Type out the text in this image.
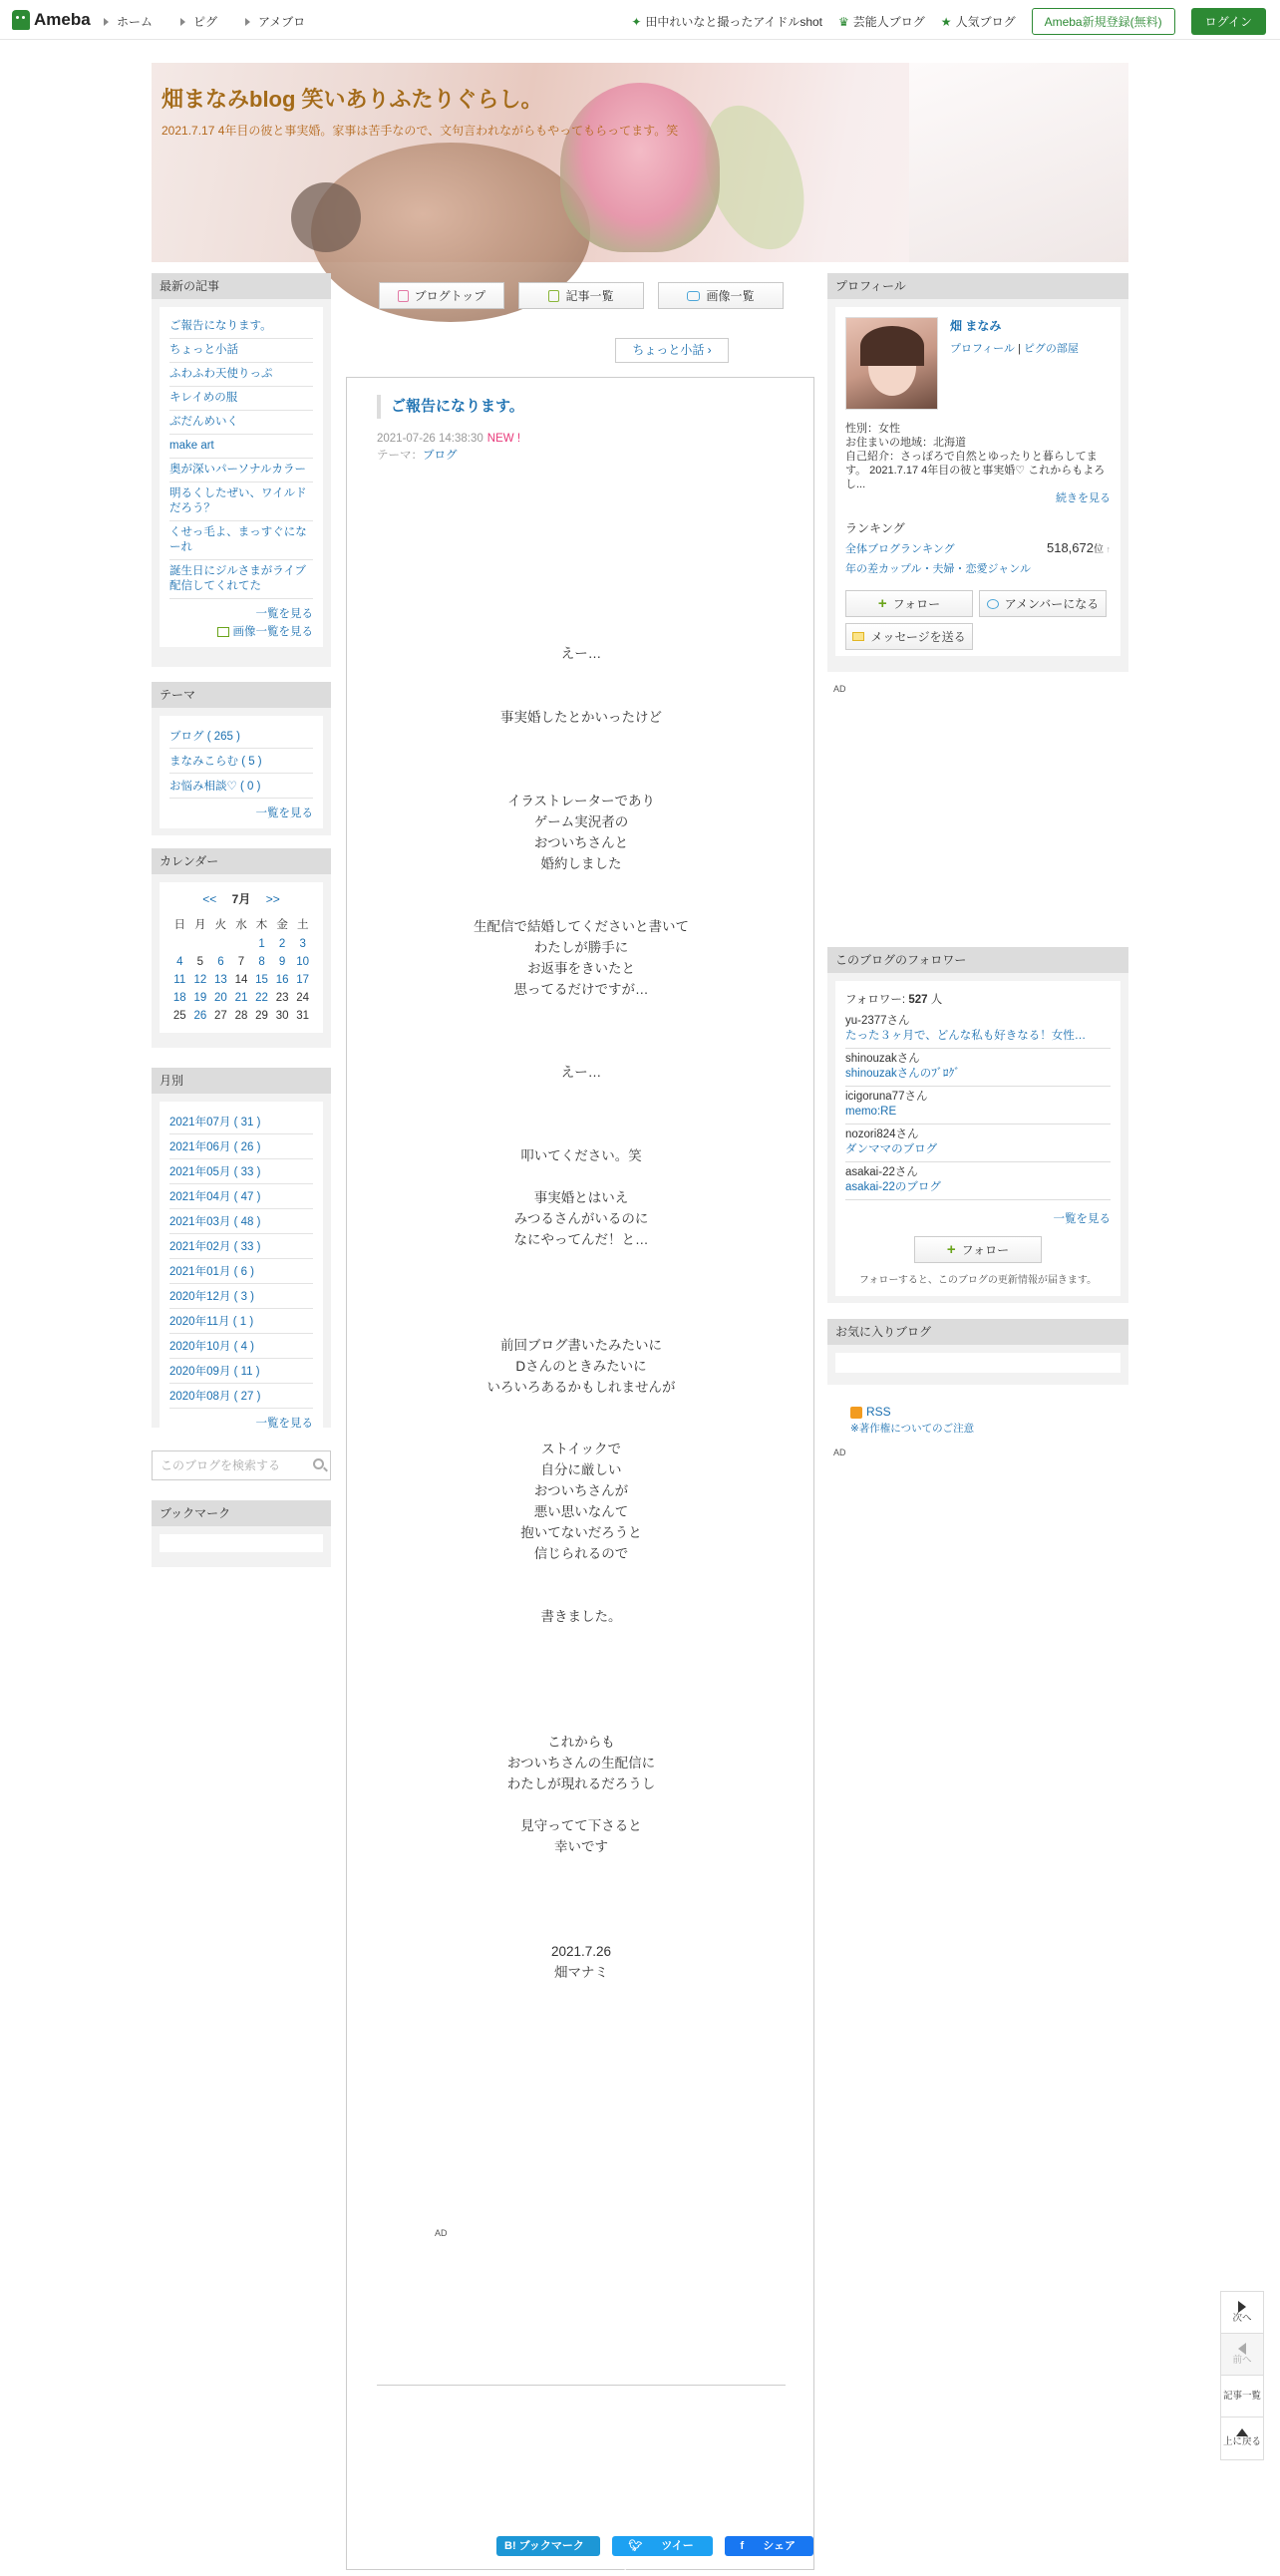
Ameba	ホーム	ピグ	アメブロ	✦ 田中れいなと撮ったアイドルshot ♛ 芸能人ブログ ★ 人気ブログ	Ameba新規登録(無料)	ログイン
畑まなみblog 笑いありふたりぐらし。
2021.7.17 4年目の彼と事実婚。家事は苦手なので、文句言われながらもやってもらってます。笑
最新の記事
ご報告になります。
ちょっと小話
ふわふわ天使りっぷ
キレイめの服
ぶだんめいく
make art
奥が深いパーソナルカラー
明るくしたぜい、ワイルドだろう？
くせっ毛よ、まっすぐになーれ
誕生日にジルさまがライブ配信してくれてた
一覧を見る
画像一覧を見る
テーマ
ブログ ( 265 )
まなみこらむ ( 5 )
お悩み相談♡ ( 0 )
一覧を見る
カレンダー
<< 7月 >>
日	月	火	水	木	金	土
				1	2	3
4	5	6	7	8	9	10
11	12	13	14	15	16	17
18	19	20	21	22	23	24
25	26	27	28	29	30	31
月別
2021年07月 ( 31 )
2021年06月 ( 26 )
2021年05月 ( 33 )
2021年04月 ( 47 )
2021年03月 ( 48 )
2021年02月 ( 33 )
2021年01月 ( 6 )
2020年12月 ( 3 )
2020年11月 ( 1 )
2020年10月 ( 4 )
2020年09月 ( 11 )
2020年08月 ( 27 )
一覧を見る
このブログを検索する
ブックマーク
ブログトップ	記事一覧	画像一覧
ちょっと小話 ›
ご報告になります。
2021-07-26 14:38:30 NEW !
テーマ：ブログ
えー…
事実婚したとかいったけど
イラストレーターであり
ゲーム実況者の
おついちさんと
婚約しました
生配信で結婚してくださいと書いて
わたしが勝手に
お返事をきいたと
思ってるだけですが…
えー…
叩いてください。笑
事実婚とはいえ
みつるさんがいるのに
なにやってんだ！と…
前回ブログ書いたみたいに
Dさんのときみたいに
いろいろあるかもしれませんが
ストイックで
自分に厳しい
おついちさんが
悪い思いなんて
抱いてないだろうと
信じられるので
書きました。
これからも
おついちさんの生配信に
わたしが現れるだろうし
見守ってて下さると
幸いです
2021.7.26
畑マナミ
AD
B! ブックマーク　0
🐦︎ ツイート
f シェア 0
プロフィール
畑 まなみ
プロフィール | ピグの部屋
性別：女性
お住まいの地域：北海道
自己紹介：さっぽろで自然とゆったりと暮らしてます。 2021.7.17 4年目の彼と事実婚♡ これからもよろし...
続きを見る
ランキング
全体ブログランキング	518,672位 ↑
年の差カップル・夫婦・恋愛ジャンル
+ フォロー	アメンバーになる
メッセージを送る
AD
このブログのフォロワー
フォロワー: 527 人
yu-2377さん
たった３ヶ月で、どんな私も好きなる！女性…
shinouzakさん
shinouzakさんのﾌﾞﾛｸﾞ
icigoruna77さん
memo:RE
nozori824さん
ダンママのブログ
asakai-22さん
asakai-22のブログ
一覧を見る
+ フォロー
フォローすると、このブログの更新情報が届きます。
お気に入りブログ
RSS
※著作権についてのご注意
AD
次へ
前へ
記事一覧
上に戻る
